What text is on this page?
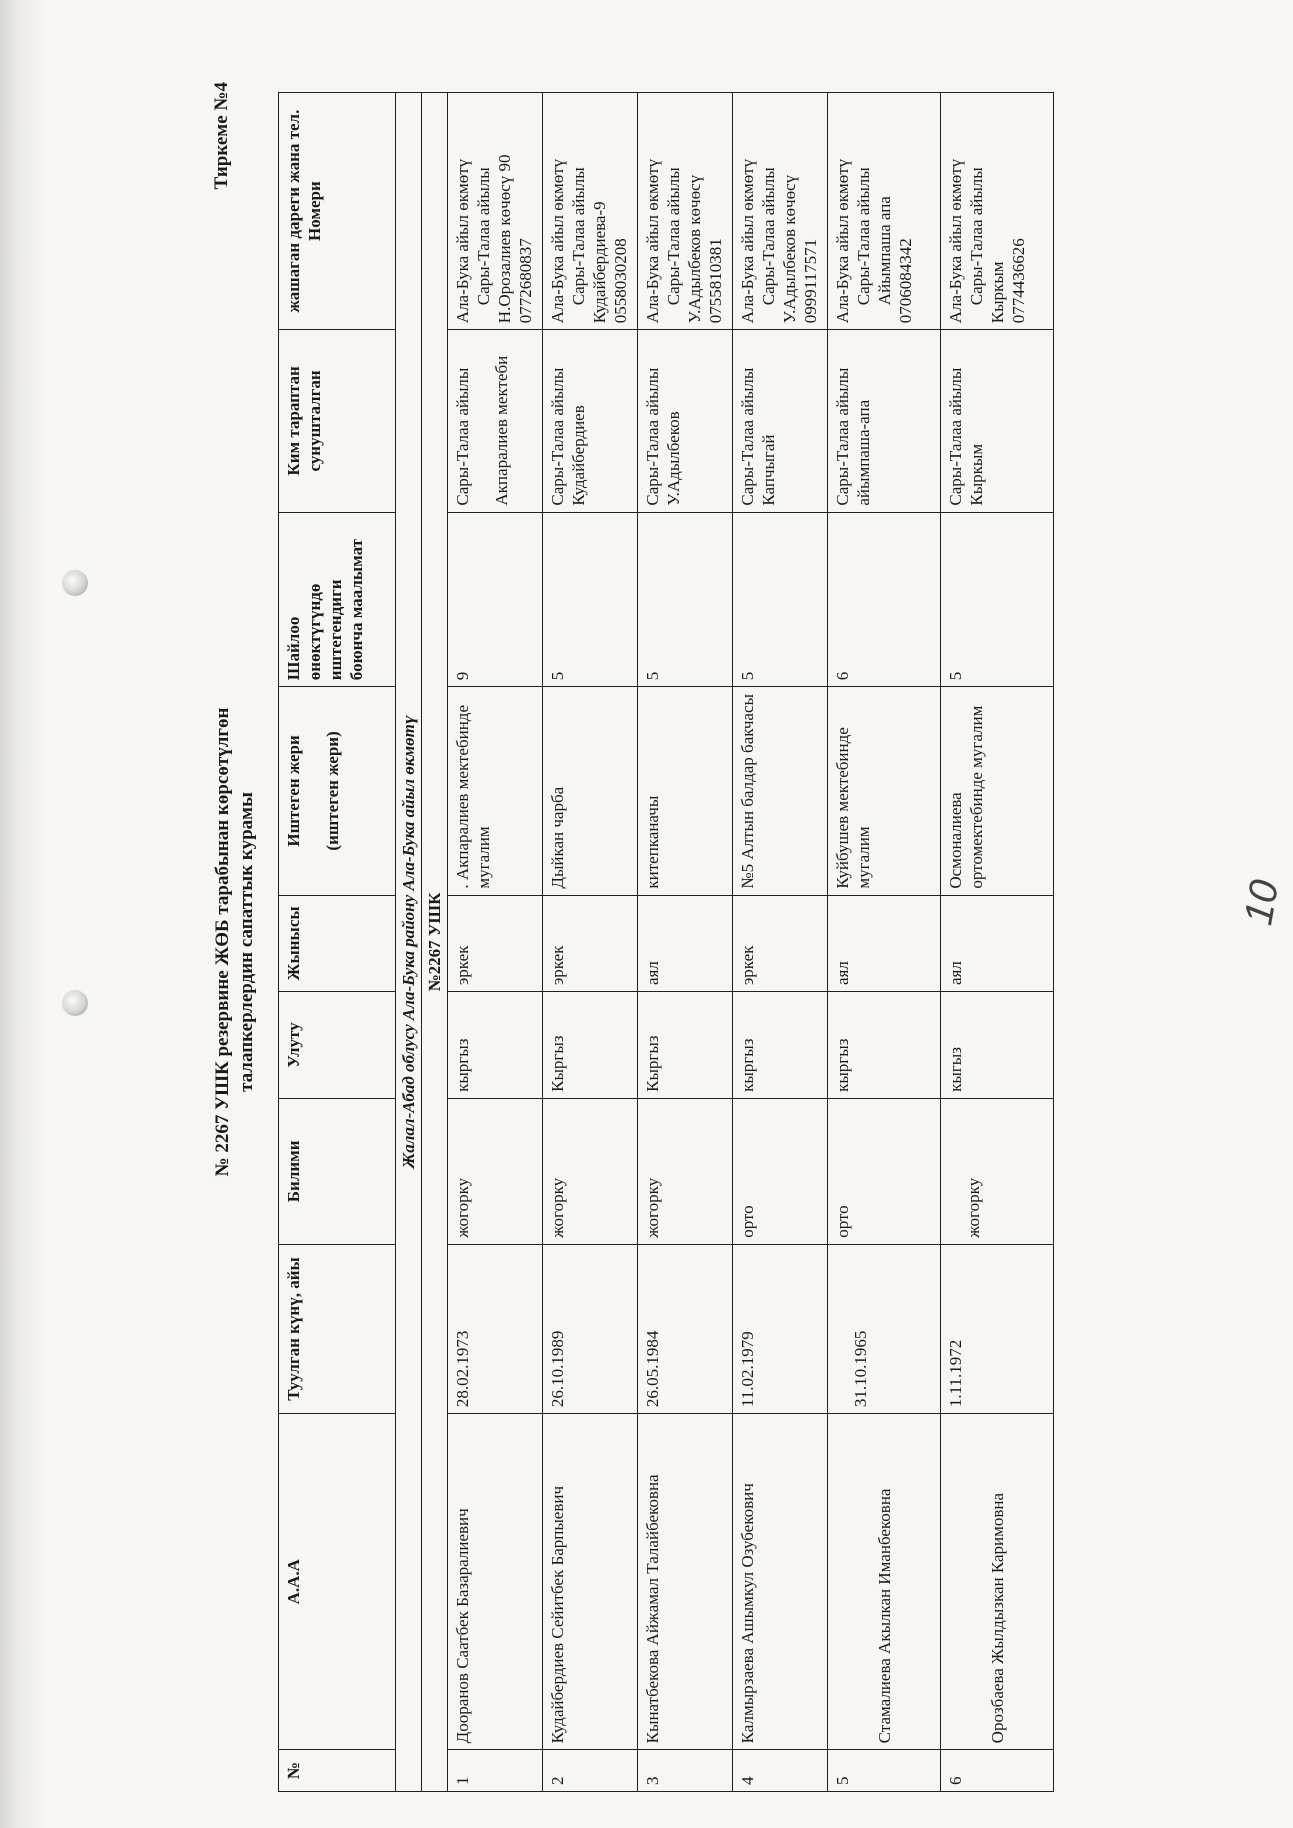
10
Тиркеме №4
№ 2267 УШК резервине ЖӨБ тарабынан көрсөтүлгөн талапкерлердин сапаттык курамы
№	А.А.А	Туулган күнү, айы	Билими	Улуту	Жынысы	Иштеген жери (иштеген жери)	Шайлоо өнөктүгүндө иштегендиги боюнча маалымат	Ким тараптан сунушталган	жашаган дареги жана тел. Номери
Жалал-Абад облусу Ала-Бука району Ала-Бука айыл өкмөтү									
№2267 УШК									
1	Дооранов Саатбек Базаралиевич	28.02.1973	жогорку	кыргыз	эркек	. Акпаралиев мектебинде мугалим	9	Сары-Талаа айылы Акпаралиев мектеби	Ала-Бука айыл өкмөтү Сары-Талаа айылы Н.Орозалиев көчөсү 90 0772680837

2	Кудайбердиев Сейитбек Барпыевич	26.10.1989	жогорку	Кыргыз	эркек	Дыйкан чарба	5	Сары-Талаа айылы Кудайбердиев	Ала-Бука айыл өкмөтү Сары-Талаа айылы Кудайбердиева-9 0558030208

3	Кынатбекова Айжамал Талайбековна	26.05.1984	жогорку	Кыргыз	аял	китепканачы	5	Сары-Талаа айылы У.Адылбеков	Ала-Бука айыл өкмөтү Сары-Талаа айылы У.Адылбеков көчөсү 0755810381

4	Калмырзаева Ашымкул Озубекович	11.02.1979	орто	кыргыз	эркек	№5 Алтын балдар бакчасы	5	Сары-Талаа айылы Капчыгай	Ала-Бука айыл өкмөтү Сары-Талаа айылы У.Адылбеков көчөсү 0999117571

5	Стамалиева Акылкан Иманбековна	31.10.1965	орто	кыргыз	аял	Куйбушев мектебинде мугалим	6	Сары-Талаа айылы айымпаша-апа	Ала-Бука айыл өкмөтү Сары-Талаа айылы Айымпаша апа 0706084342

6	Орозбаева Жылдызкан Каримовна	1.11.1972	жогорку	кыгыз	аял	Осмоналиева ортомектебинде мугалим	5	Сары-Талаа айылы Кыркым	Ала-Бука айыл өкмөтү Сары-Талаа айылы Кыркым 0774436626
